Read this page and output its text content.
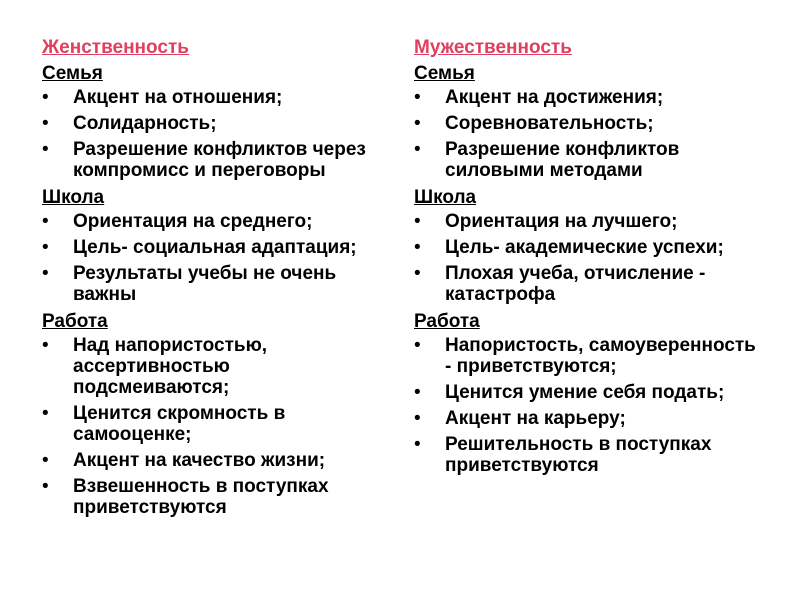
Женственность
Семья
• Акцент на отношения;
• Солидарность;
• Разрешение конфликтов через компромисс и переговоры
Школа
• Ориентация на среднего;
• Цель- социальная адаптация;
• Результаты учебы не очень важны
Работа
• Над напористостью, ассертивностью подсмеиваются;
• Ценится скромность в самооценке;
• Акцент на качество жизни;
• Взвешенность в поступках приветствуются
Мужественность
Семья
• Акцент на достижения;
• Соревновательность;
• Разрешение конфликтов силовыми методами
Школа
• Ориентация на лучшего;
• Цель- академические успехи;
• Плохая учеба, отчисление - катастрофа
Работа
• Напористость, самоуверенность - приветствуются;
• Ценится умение себя подать;
• Акцент на карьеру;
• Решительность в поступках приветствуются
